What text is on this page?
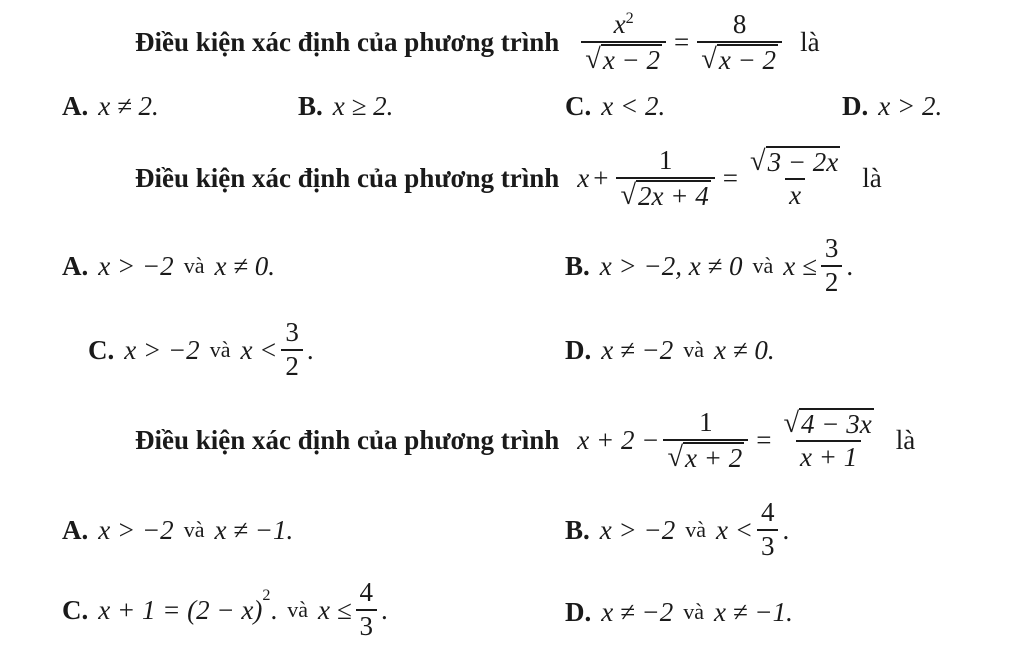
Điều kiện xác định của phương trình $\frac{x^2}{√ x - 2} = \frac{8}{√ x - 2}$ là
A. x ≠ 2.	B. x ≥ 2.	C. x < 2.	D. x > 2.
Điều kiện xác định của phương trình $x + \frac{1}{√ 2x + 4} = \frac{√ 3 - 2x}{x}$ là
A. x > −2 và x ≠ 0.	B. x > −2, x ≠ 0 và $x \le \frac{3}{2}$ .
C. x > −2 và $x < \frac{3}{2}$ .	D. x ≠ −2 và x ≠ 0.
Điều kiện xác định của phương trình $x + 2 - \frac{1}{√ x + 2} = \frac{√ 4 - 3x}{x + 1}$ là
A. x > −2 và x ≠ −1.	B. x > −2 và $x < \frac{4}{3}$ .
C. $x + 1 = (2 - x)^2$ . và $x \le \frac{4}{3}$ .	D. x ≠ −2 và x ≠ −1.
